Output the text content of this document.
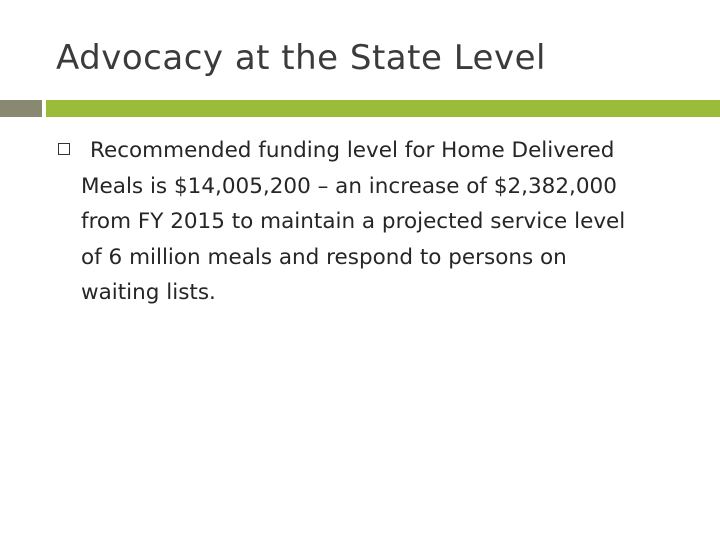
Advocacy at the State Level
Recommended funding level for Home Delivered
Meals is $14,005,200 – an increase of $2,382,000
from FY 2015 to maintain a projected service level
of 6 million meals and respond to persons on
waiting lists.
